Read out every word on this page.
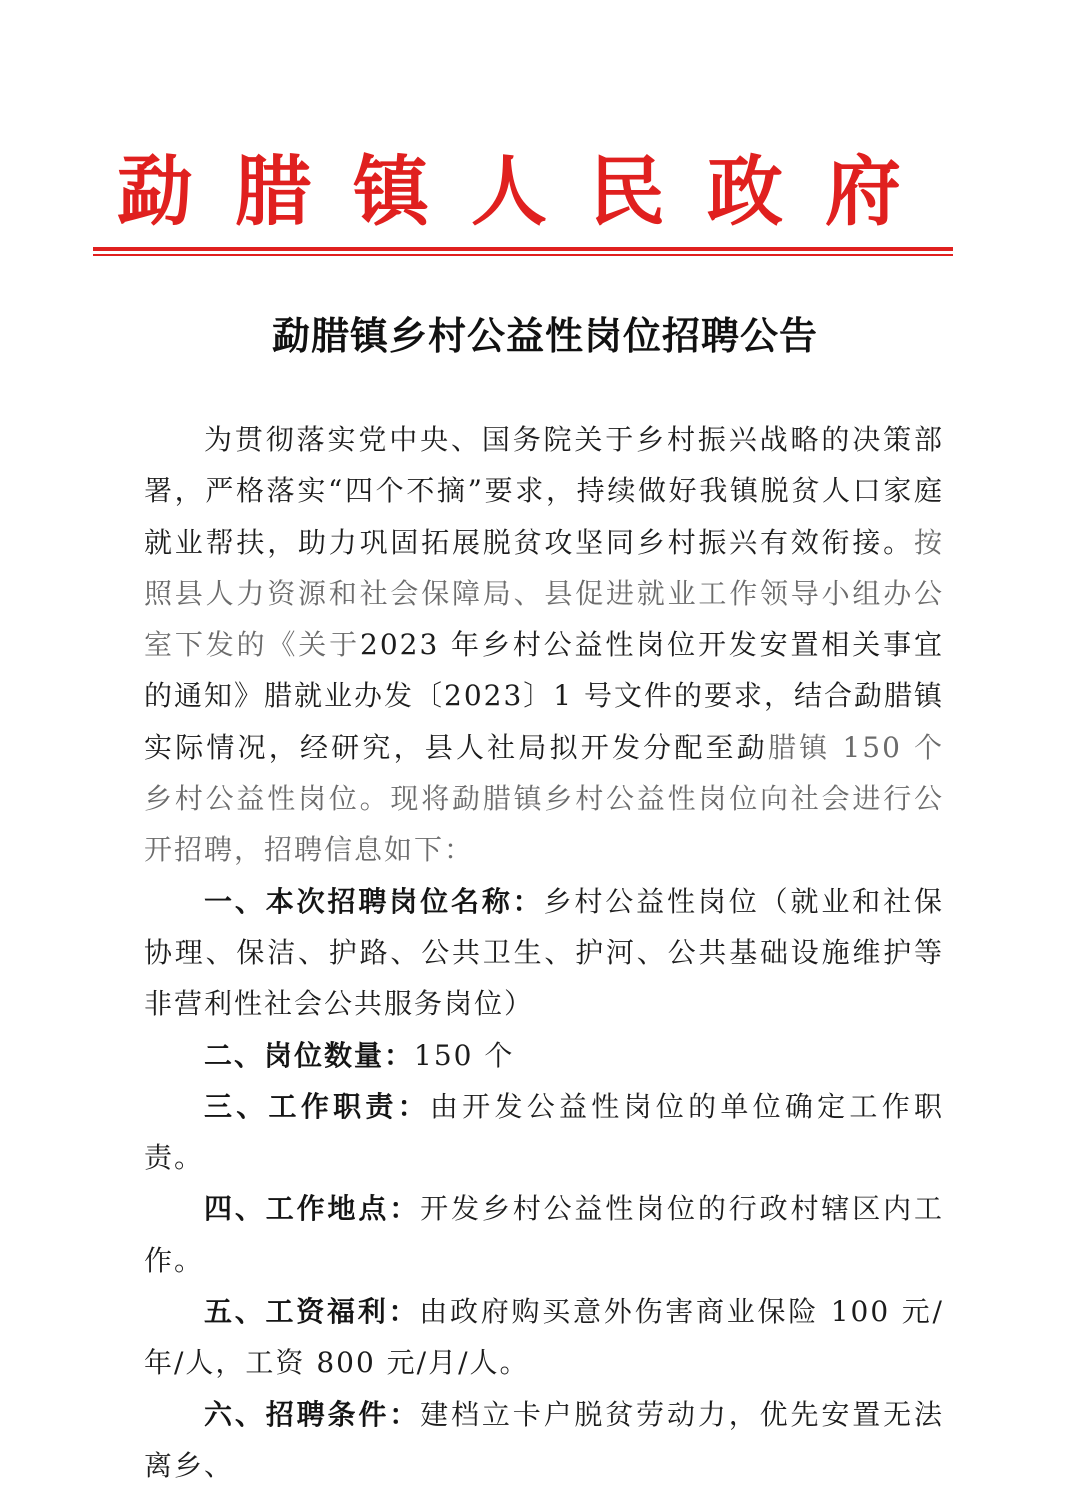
勐腊镇人民政府
勐腊镇乡村公益性岗位招聘公告

为贯彻落实党中央、国务院关于乡村振兴战略的决策部署，严格落实“四个不摘”要求，持续做好我镇脱贫人口家庭就业帮扶，助力巩固拓展脱贫攻坚同乡村振兴有效衔接。按照县人力资源和社会保障局、县促进就业工作领导小组办公室下发的《关于2023 年乡村公益性岗位开发安置相关事宜的通知》腊就业办发〔2023〕1 号文件的要求，结合勐腊镇实际情况，经研究，县人社局拟开发分配至勐腊镇 150 个乡村公益性岗位。现将勐腊镇乡村公益性岗位向社会进行公开招聘，招聘信息如下：

一、本次招聘岗位名称：乡村公益性岗位（就业和社保协理、保洁、护路、公共卫生、护河、公共基础设施维护等非营利性社会公共服务岗位）

二、岗位数量：150 个

三、工作职责：由开发公益性岗位的单位确定工作职责。

四、工作地点：开发乡村公益性岗位的行政村辖区内工作。

五、工资福利：由政府购买意外伤害商业保险 100 元/年/人，工资 800 元/月/人。

六、招聘条件：建档立卡户脱贫劳动力，优先安置无法离乡、
